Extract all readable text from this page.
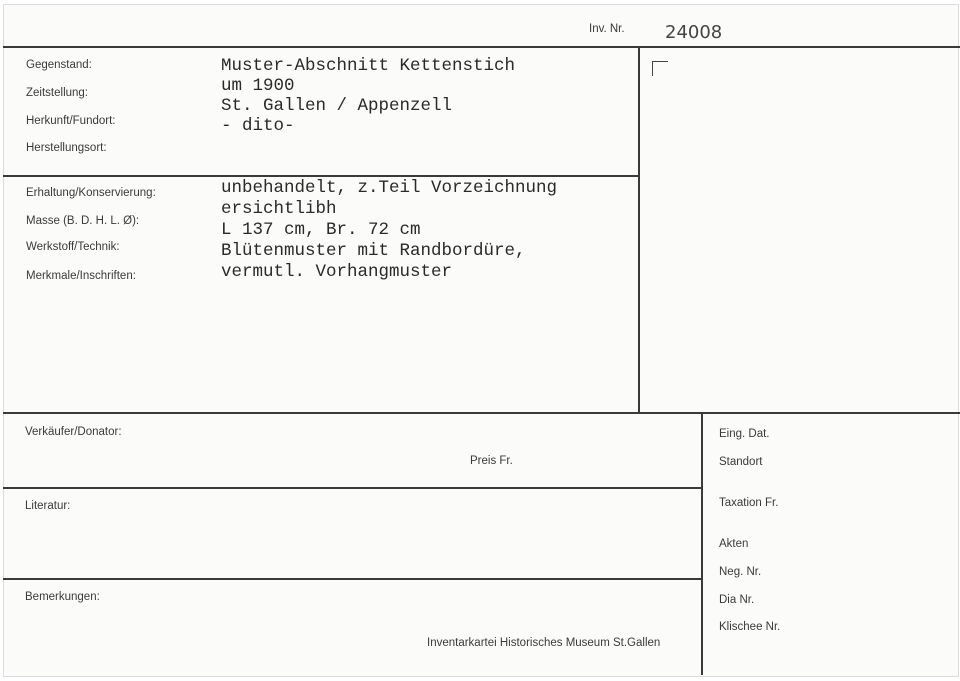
Inv. Nr. 24008
Gegenstand:
Zeitstellung:
Herkunft/Fundort:
Herstellungsort:
Muster-Abschnitt Kettenstich
um 1900
St. Gallen / Appenzell
- dito-
Erhaltung/Konservierung:
Masse (B. D. H. L. Ø):
Werkstoff/Technik:
Merkmale/Inschriften:
unbehandelt, z.Teil Vorzeichnung
ersichtlibh
L 137 cm, Br. 72 cm
Blütenmuster mit Randbordüre,
vermutl. Vorhangmuster
Verkäufer/Donator:
Preis Fr.
Literatur:
Bemerkungen:
Inventarkartei Historisches Museum St.Gallen
Eing. Dat.
Standort
Taxation Fr.
Akten
Neg. Nr.
Dia Nr.
Klischee Nr.
